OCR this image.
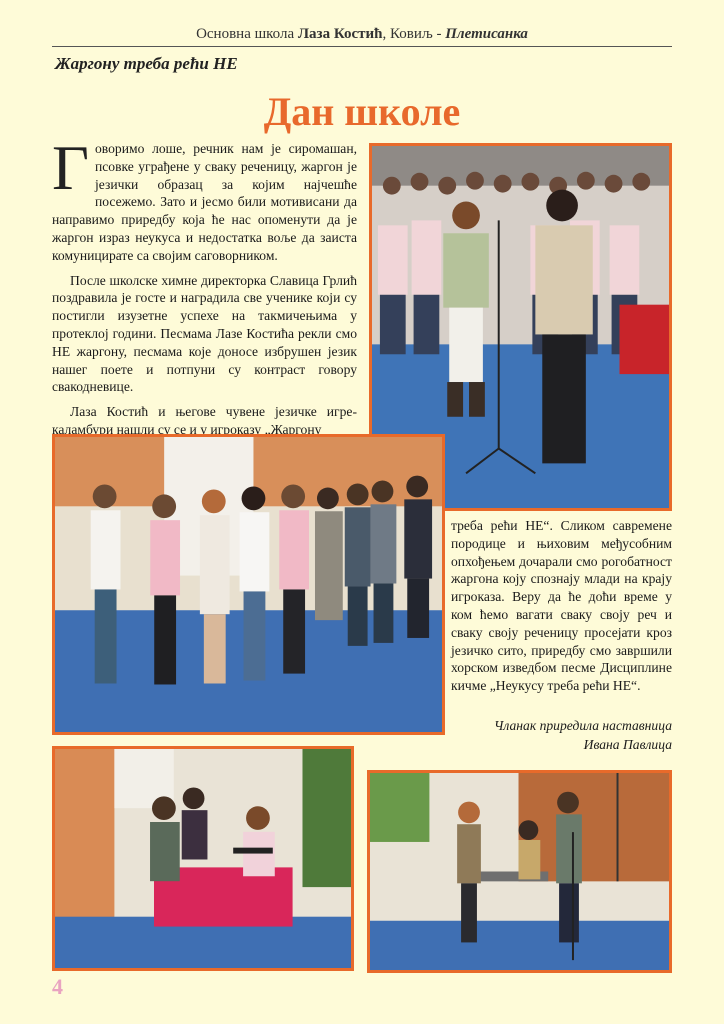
Основна школа Лаза Костић, Ковиљ - Плетисанка
Жаргону треба рећи НЕ
Дан школе

Говоримо лоше, речник нам је сиромашан, псовке уграђене у сваку реченицу, жаргон је језички образац за којим најчешће посежемо. Зато и јесмо били мотивисани да направимо приредбу која ће нас опоменути да је жаргон израз неукуса и недостатка воље да заиста комуницирате са својим саговорником.

После школске химне директорка Славица Грлић поздравила је госте и наградила све ученике који су постигли изузетне успехе на такмичењима у протеклој години. Песмама Лазе Костића рекли смо НЕ жаргону, песмама које доносе избрушен језик нашег поете и потпуни су контраст говору свакодневице.

Лаза Костић и његове чувене језичке игре-каламбури нашли су се и у игроказу „Жаргону

треба рећи НЕ“. Сликом савремене породице и њиховим међусобним опхођењем дочарали смо рогобатност жаргона коју спознају млади на крају игроказа. Веру да ће доћи време у ком ћемо вагати сваку своју реч и сваку своју реченицу просејати кроз језичко сито, приредбу смо завршили хорском изведбом песме Дисциплине кичме „Неукусу треба рећи НЕ“.

Чланак приредила наставница
Ивана Павлица
4
